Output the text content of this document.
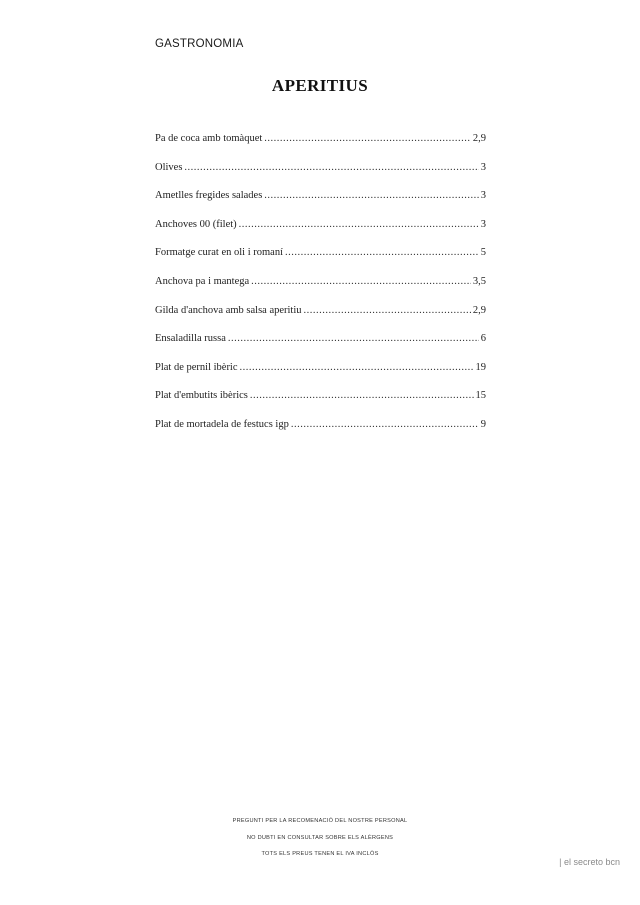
GASTRONOMIA
APERITIUS
Pa de coca amb tomàquet .....	2,9
Olives .....	3
Ametlles fregides salades .....	3
Anchoves 00 (filet) .....	3
Formatge curat en oli i romaní .....	5
Anchova pa i mantega .....	3,5
Gilda d'anchova amb salsa aperitiu .....	2,9
Ensaladilla russa .....	6
Plat de pernil ibèric .....	19
Plat d'embutits ibèrics .....	15
Plat de mortadela de festucs igp .....	9
PREGUNTI PER LA RECOMENACIÓ DEL NOSTRE PERSONAL
NO DUBTI EN CONSULTAR SOBRE ELS ALÈRGENS
TOTS ELS PREUS TENEN EL IVA INCLÒS
| el secreto bcn
